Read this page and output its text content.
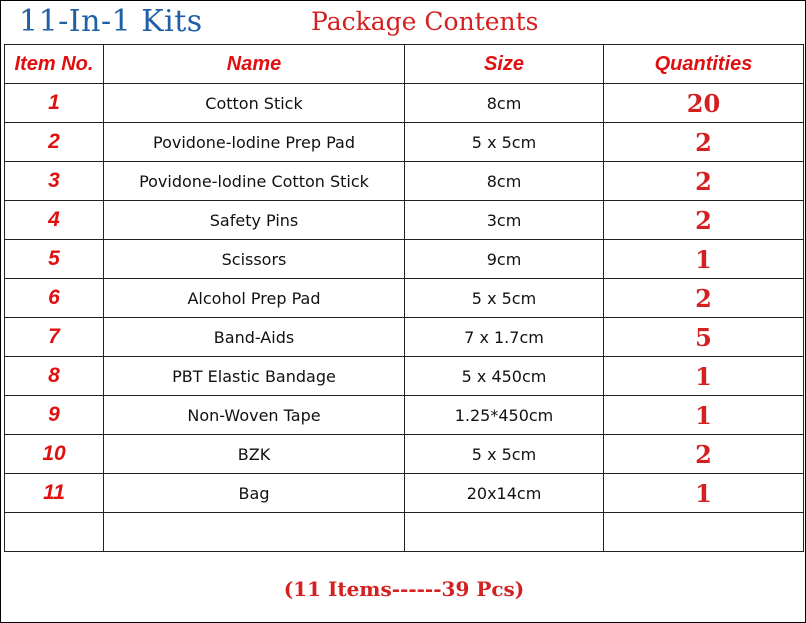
11-In-1 Kits	Package Contents
Item No.	Name	Size	Quantities
1	Cotton Stick	8cm	20
2	Povidone-lodine Prep Pad	5 x 5cm	2
3	Povidone-lodine Cotton Stick	8cm	2
4	Safety Pins	3cm	2
5	Scissors	9cm	1
6	Alcohol Prep Pad	5 x 5cm	2
7	Band-Aids	7 x 1.7cm	5
8	PBT Elastic Bandage	5 x 450cm	1
9	Non-Woven Tape	1.25*450cm	1
10	BZK	5 x 5cm	2
11	Bag	20x14cm	1

(11 Items------39 Pcs)
